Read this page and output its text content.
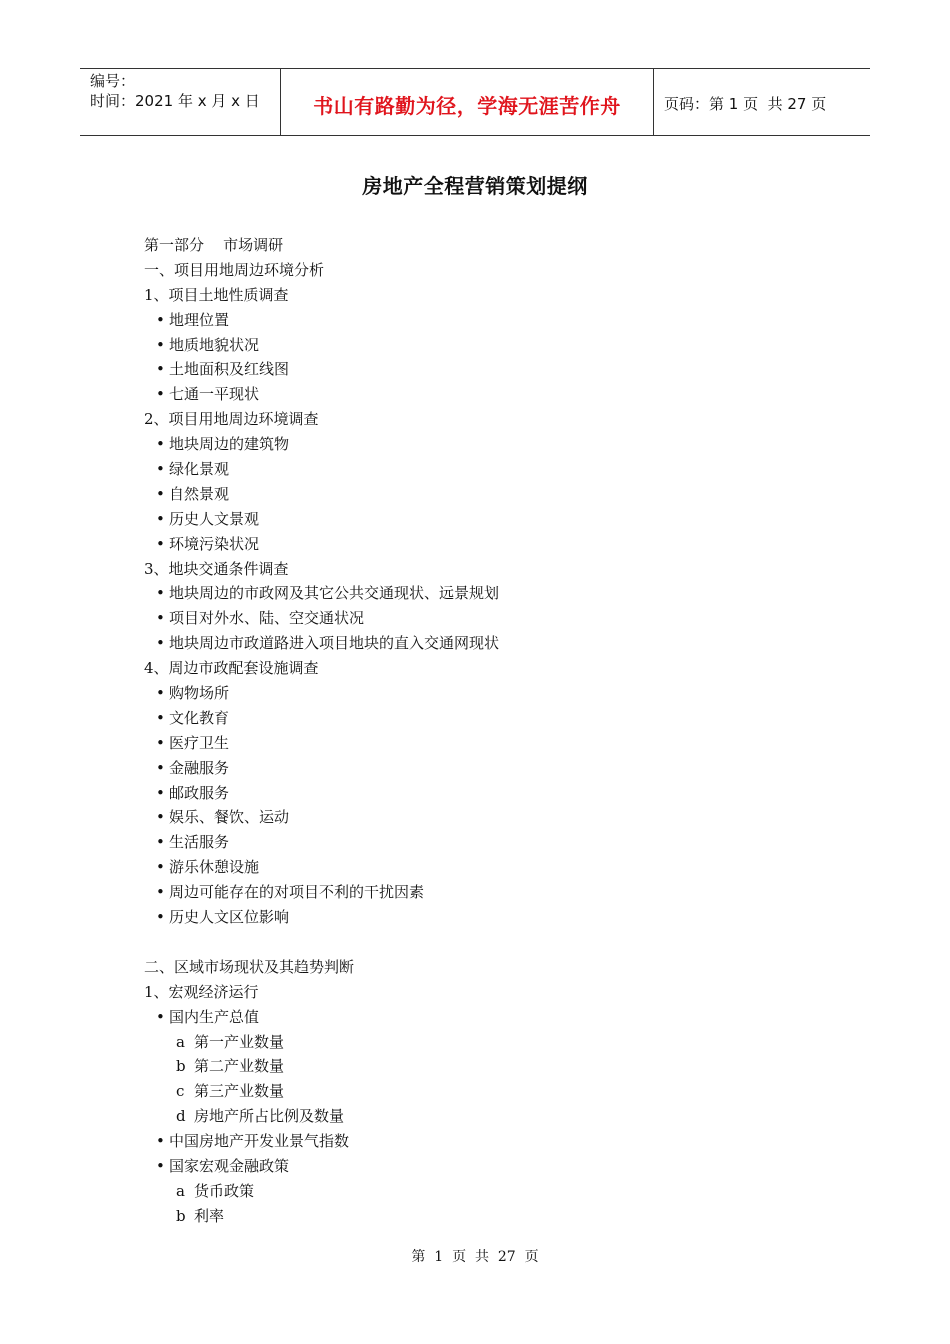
编号：
时间：2021 年 x 月 x 日	书山有路勤为径，学海无涯苦作舟	页码：第 1 页  共 27 页
房地产全程营销策划提纲
第一部分    市场调研
一、项目用地周边环境分析
1、项目土地性质调查
• 地理位置
• 地质地貌状况
• 土地面积及红线图
• 七通一平现状
2、项目用地周边环境调查
• 地块周边的建筑物
• 绿化景观
• 自然景观
• 历史人文景观
• 环境污染状况
3、地块交通条件调查
• 地块周边的市政网及其它公共交通现状、远景规划
• 项目对外水、陆、空交通状况
• 地块周边市政道路进入项目地块的直入交通网现状
4、周边市政配套设施调查
• 购物场所
• 文化教育
• 医疗卫生
• 金融服务
• 邮政服务
• 娱乐、餐饮、运动
• 生活服务
• 游乐休憩设施
• 周边可能存在的对项目不利的干扰因素
• 历史人文区位影响
二、区域市场现状及其趋势判断
1、宏观经济运行
• 国内生产总值
a 第一产业数量
b 第二产业数量
c 第三产业数量
d 房地产所占比例及数量
• 中国房地产开发业景气指数
• 国家宏观金融政策
a 货币政策
b 利率
第  1  页  共  27  页
